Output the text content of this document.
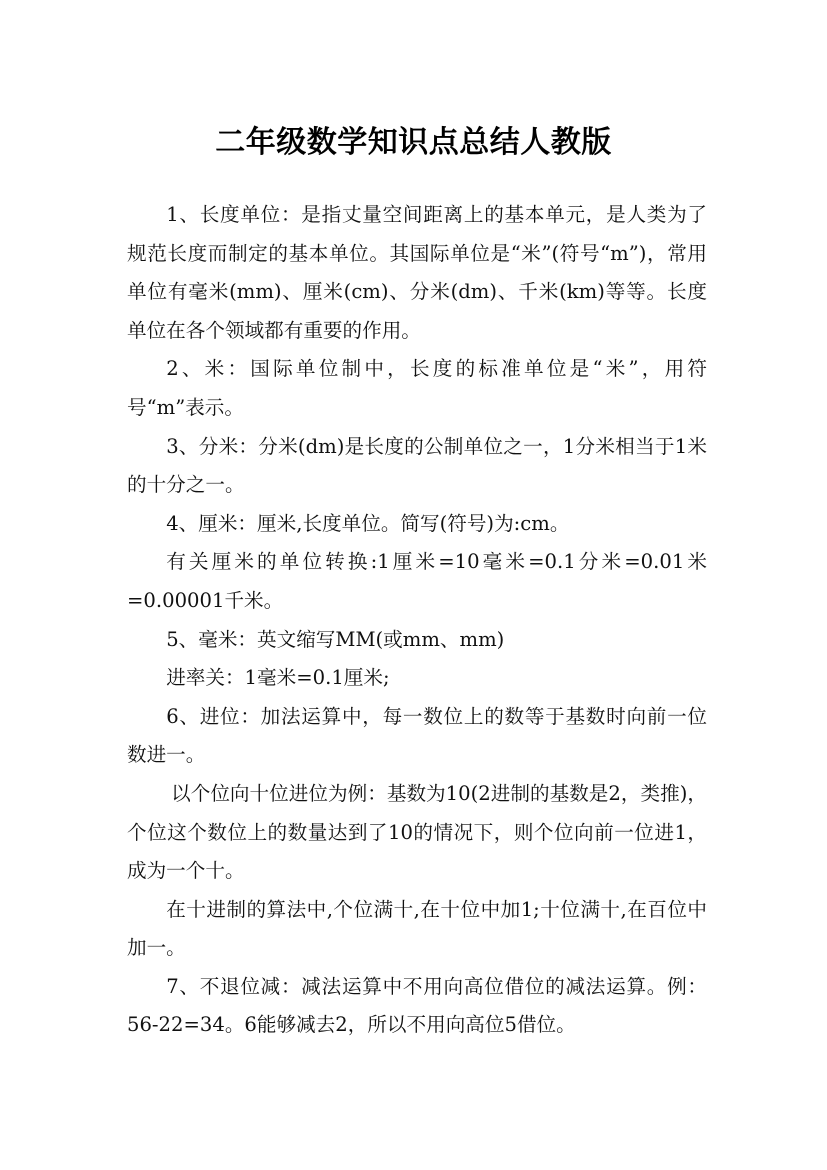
二年级数学知识点总结人教版

1、长度单位：是指丈量空间距离上的基本单元，是人类为了规范长度而制定的基本单位。其国际单位是“米”(符号“m”)，常用单位有毫米(mm)、厘米(cm)、分米(dm)、千米(km)等等。长度单位在各个领域都有重要的作用。

2、米：国际单位制中，长度的标准单位是“米”，用符号“m”表示。

3、分米：分米(dm)是长度的公制单位之一，1分米相当于1米的十分之一。

4、厘米：厘米,长度单位。简写(符号)为:cm。

有关厘米的单位转换:1厘米=10毫米=0.1分米=0.01米=0.00001千米。

5、毫米：英文缩写MM(或mm、mm)

进率关：1毫米=0.1厘米;

6、进位：加法运算中，每一数位上的数等于基数时向前一位数进一。

以个位向十位进位为例：基数为10(2进制的基数是2，类推)，个位这个数位上的数量达到了10的情况下，则个位向前一位进1，成为一个十。

在十进制的算法中,个位满十,在十位中加1;十位满十,在百位中加一。

7、不退位减：减法运算中不用向高位借位的减法运算。例：56-22=34。6能够减去2，所以不用向高位5借位。
